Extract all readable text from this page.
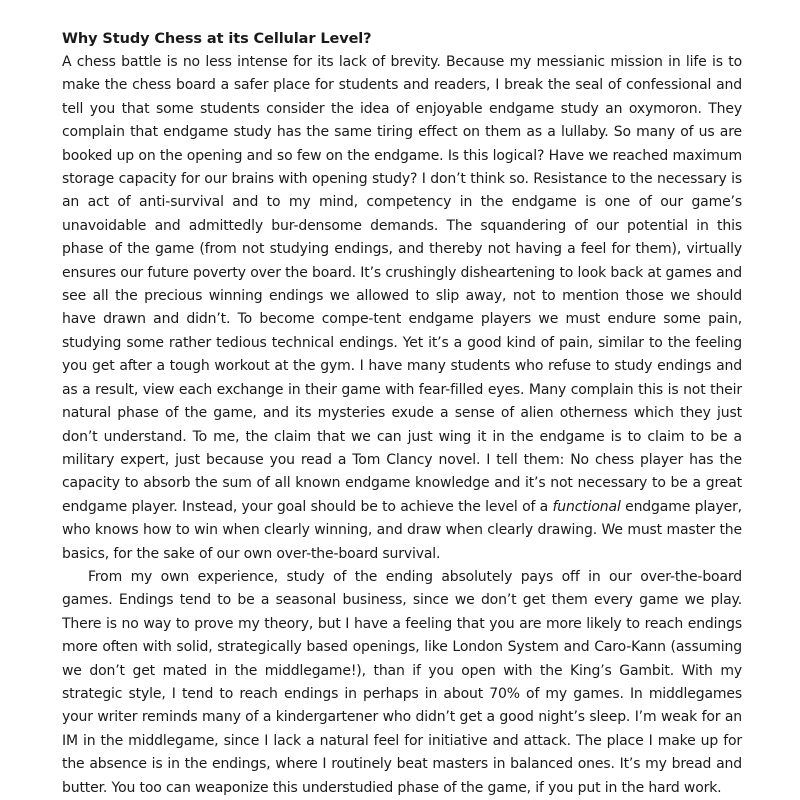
Why Study Chess at its Cellular Level?

A chess battle is no less intense for its lack of brevity. Because my messianic mission in life is to make the chess board a safer place for students and readers, I break the seal of confessional and tell you that some students consider the idea of enjoyable endgame study an oxymoron. They complain that endgame study has the same tiring effect on them as a lullaby. So many of us are booked up on the opening and so few on the endgame. Is this logical? Have we reached maximum storage capacity for our brains with opening study? I don’t think so. Resistance to the necessary is an act of anti-survival and to my mind, competency in the endgame is one of our game’s unavoidable and admittedly bur-densome demands. The squandering of our potential in this phase of the game (from not studying endings, and thereby not having a feel for them), virtually ensures our future poverty over the board. It’s crushingly disheartening to look back at games and see all the precious winning endings we allowed to slip away, not to mention those we should have drawn and didn’t. To become compe-tent endgame players we must endure some pain, studying some rather tedious technical endings. Yet it’s a good kind of pain, similar to the feeling you get after a tough workout at the gym. I have many students who refuse to study endings and as a result, view each exchange in their game with fear-filled eyes. Many complain this is not their natural phase of the game, and its mysteries exude a sense of alien otherness which they just don’t understand. To me, the claim that we can just wing it in the endgame is to claim to be a military expert, just because you read a Tom Clancy novel. I tell them: No chess player has the capacity to absorb the sum of all known endgame knowledge and it’s not necessary to be a great endgame player. Instead, your goal should be to achieve the level of a functional endgame player, who knows how to win when clearly winning, and draw when clearly drawing. We must master the basics, for the sake of our own over-the-board survival.

From my own experience, study of the ending absolutely pays off in our over-the-board games. Endings tend to be a seasonal business, since we don’t get them every game we play. There is no way to prove my theory, but I have a feeling that you are more likely to reach endings more often with solid, strategically based openings, like London System and Caro-Kann (assuming we don’t get mated in the middlegame!), than if you open with the King’s Gambit. With my strategic style, I tend to reach endings in perhaps in about 70% of my games. In middlegames your writer reminds many of a kindergartener who didn’t get a good night’s sleep. I’m weak for an IM in the middlegame, since I lack a natural feel for initiative and attack. The place I make up for the absence is in the endings, where I routinely beat masters in balanced ones. It’s my bread and butter. You too can weaponize this understudied phase of the game, if you put in the hard work.
